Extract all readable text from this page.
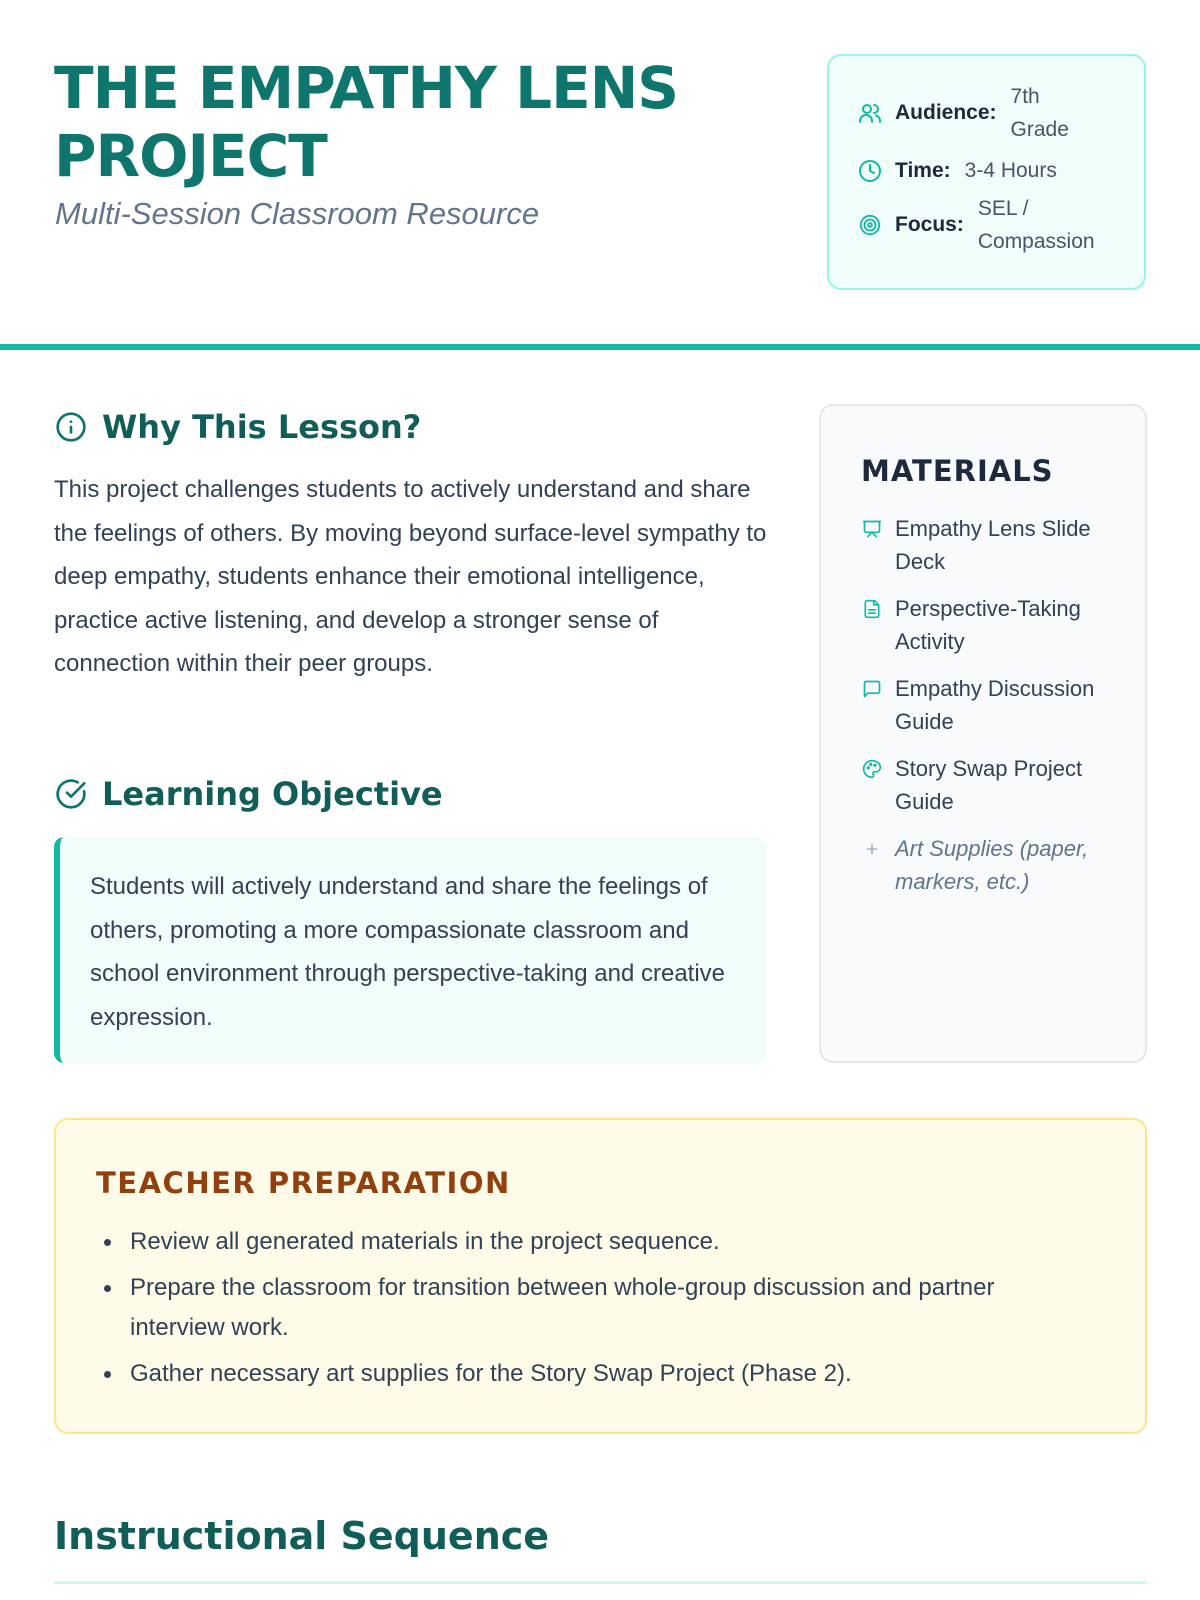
THE EMPATHY LENS PROJECT
Multi-Session Classroom Resource
Audience:
7th Grade
Time: 3-4 Hours
Focus:
SEL / Compassion
Why This Lesson?
This project challenges students to actively understand and share the feelings of others. By moving beyond surface-level sympathy to deep empathy, students enhance their emotional intelligence, practice active listening, and develop a stronger sense of connection within their peer groups.
Learning Objective
Students will actively understand and share the feelings of others, promoting a more compassionate classroom and school environment through perspective-taking and creative expression.
MATERIALS
Empathy Lens Slide Deck
Perspective-Taking Activity
Empathy Discussion Guide
Story Swap Project Guide
Art Supplies (paper, markers, etc.)
TEACHER PREPARATION
Review all generated materials in the project sequence.
Prepare the classroom for transition between whole-group discussion and partner interview work.
Gather necessary art supplies for the Story Swap Project (Phase 2).
Instructional Sequence
